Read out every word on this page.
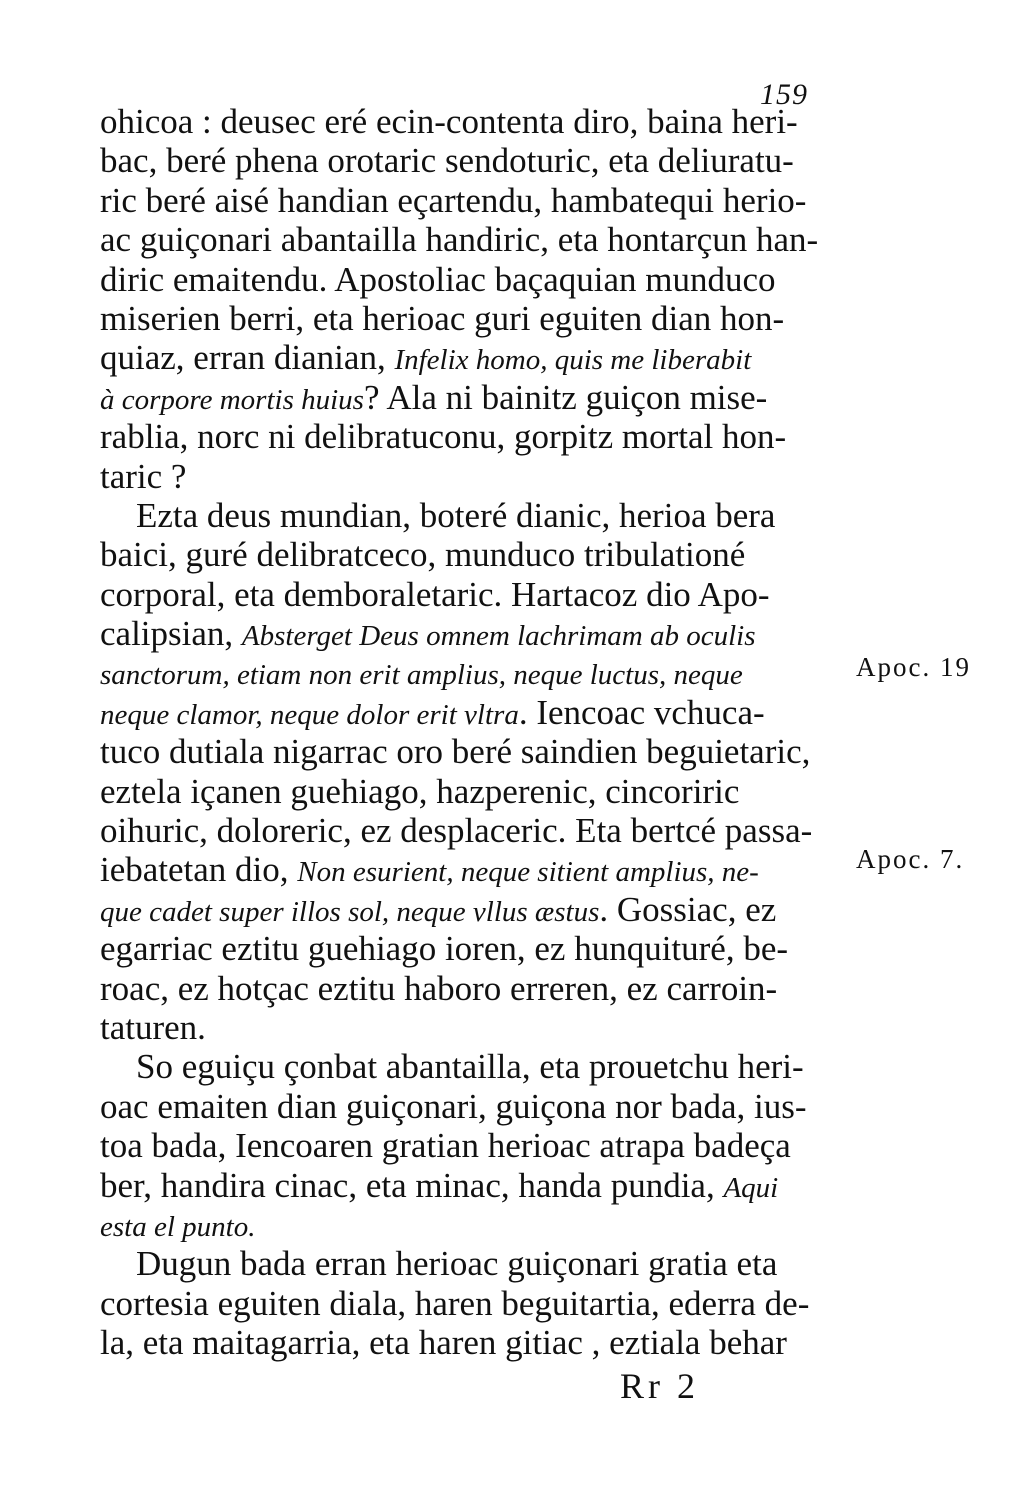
159
ohicoa : deusec eré ecin-contenta diro, baina heri-
bac, beré phena orotaric sendoturic, eta deliuratu-
ric beré aisé handian eçartendu, hambatequi herio-
ac guiçonari abantailla handiric, eta hontarçun han-
diric emaitendu. Apostoliac baçaquian munduco
miserien berri, eta herioac guri eguiten dian hon-
quiaz, erran dianian, Infelix homo, quis me liberabit
à corpore mortis huius? Ala ni bainitz guiçon mise-
rablia, norc ni delibratuconu, gorpitz mortal hon-
taric ?
Ezta deus mundian, boteré dianic, herioa bera
baici, guré delibratceco, munduco tribulationé
corporal, eta demboraletaric. Hartacoz dio Apo-
calipsian, Absterget Deus omnem lachrimam ab oculis
sanctorum, etiam non erit amplius, neque luctus, neque
neque clamor, neque dolor erit vltra. Iencoac vchuca-
tuco dutiala nigarrac oro beré saindien beguietaric,
eztela içanen guehiago, hazperenic, cincoriric
oihuric, doloreric, ez desplaceric. Eta bertcé passa-
iebatetan dio, Non esurient, neque sitient amplius, ne-
que cadet super illos sol, neque vllus æstus. Gossiac, ez
egarriac eztitu guehiago ioren, ez hunquituré, be-
roac, ez hotçac eztitu haboro erreren, ez carroin-
taturen.
So eguiçu çonbat abantailla, eta prouetchu heri-
oac emaiten dian guiçonari, guiçona nor bada, ius-
toa bada, Iencoaren gratian herioac atrapa badeça
ber, handira cinac, eta minac, handa pundia, Aqui
esta el punto.
Dugun bada erran herioac guiçonari gratia eta
cortesia eguiten diala, haren beguitartia, ederra de-
la, eta maitagarria, eta haren gitiac , eztiala behar
Apoc. 19
Apoc. 7.
Rr 2
